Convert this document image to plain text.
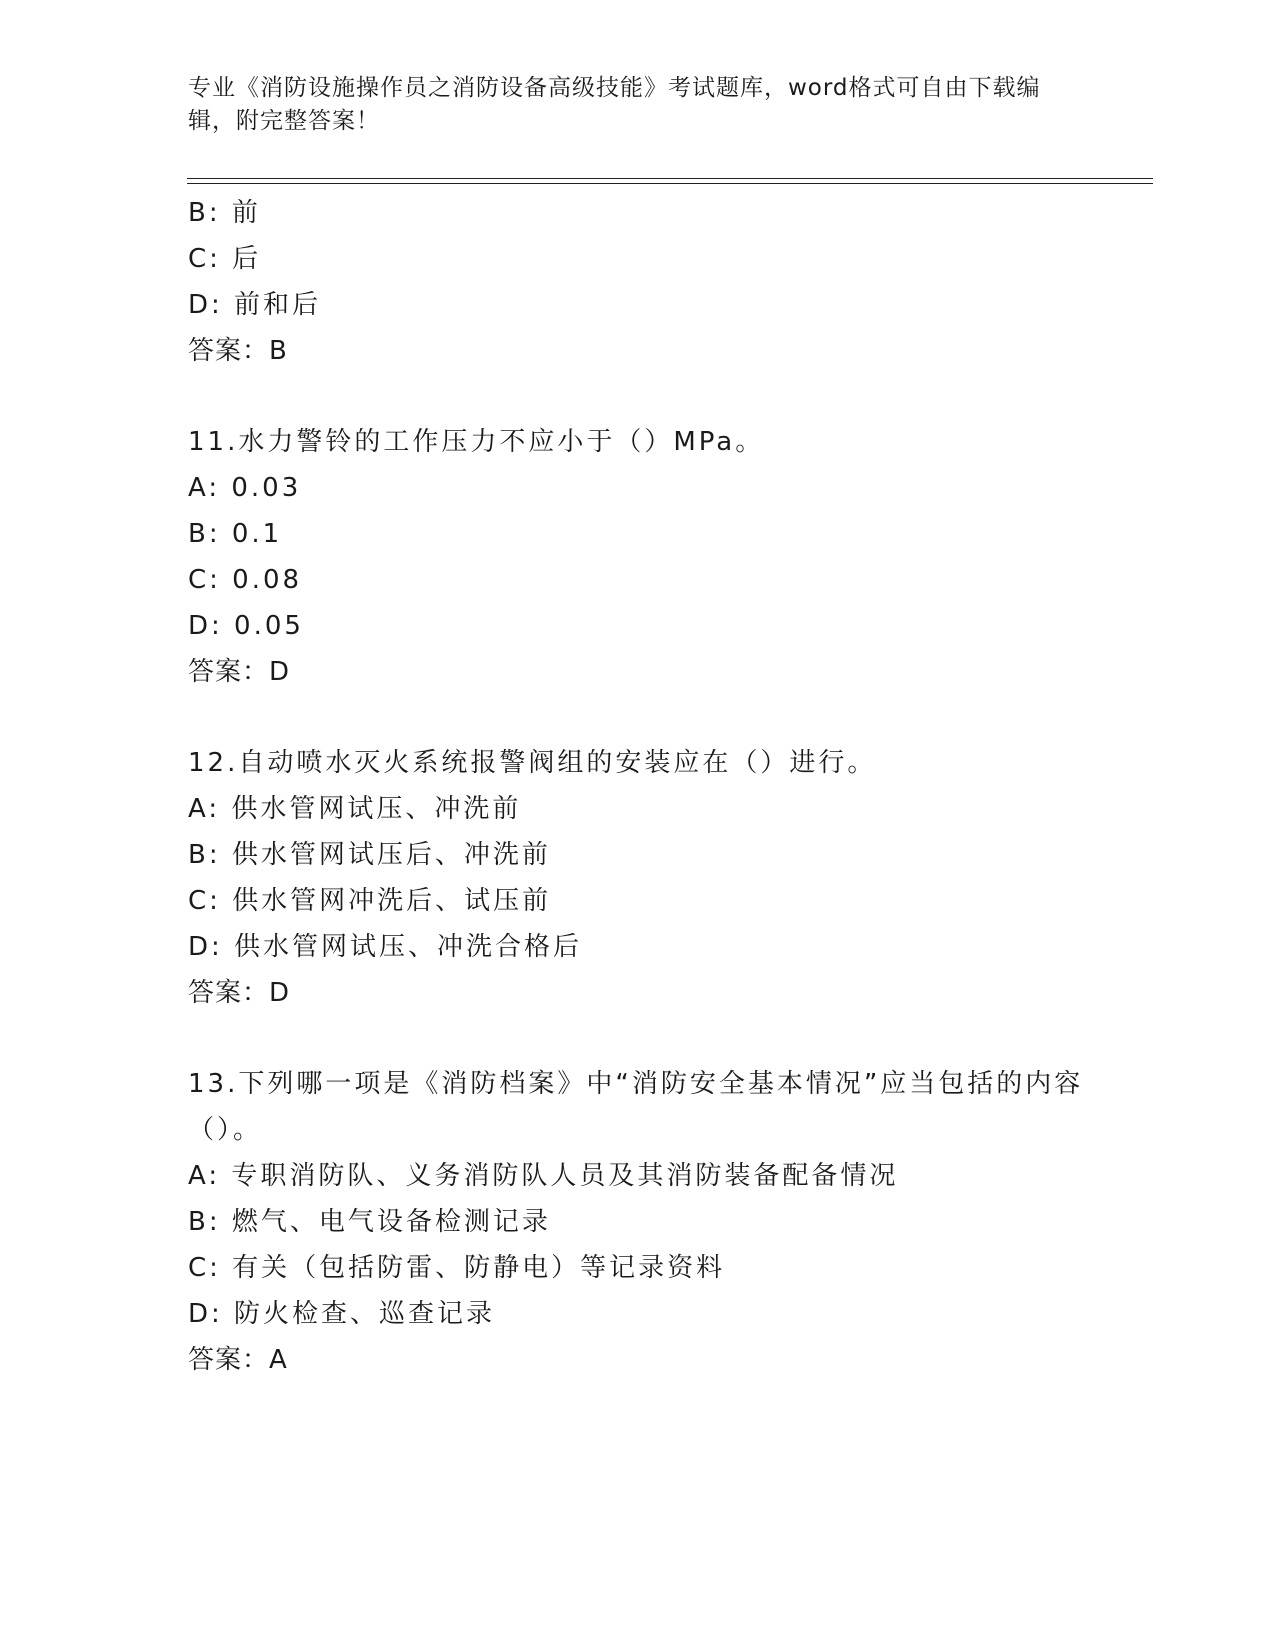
专业《消防设施操作员之消防设备高级技能》考试题库，word格式可自由下载编辑，附完整答案！
B: 前
C: 后
D: 前和后
答案：B
11.水力警铃的工作压力不应小于（）MPa。
A: 0.03
B: 0.1
C: 0.08
D: 0.05
答案：D
12.自动喷水灭火系统报警阀组的安装应在（）进行。
A: 供水管网试压、冲洗前
B: 供水管网试压后、冲洗前
C: 供水管网冲洗后、试压前
D: 供水管网试压、冲洗合格后
答案：D
13.下列哪一项是《消防档案》中“消防安全基本情况”应当包括的内容（）。
A: 专职消防队、义务消防队人员及其消防装备配备情况
B: 燃气、电气设备检测记录
C: 有关（包括防雷、防静电）等记录资料
D: 防火检查、巡查记录
答案：A
